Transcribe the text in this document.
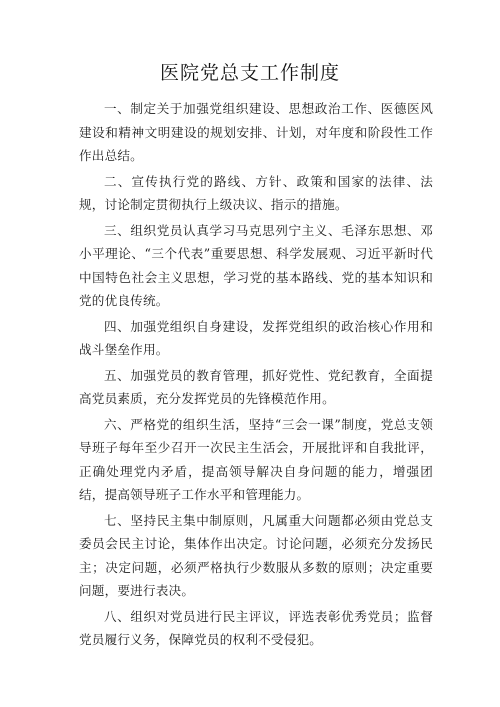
医院党总支工作制度

一、制定关于加强党组织建设、思想政治工作、医德医风建设和精神文明建设的规划安排、计划，对年度和阶段性工作作出总结。

二、宣传执行党的路线、方针、政策和国家的法律、法规，讨论制定贯彻执行上级决议、指示的措施。

三、组织党员认真学习马克思列宁主义、毛泽东思想、邓小平理论、“三个代表”重要思想、科学发展观、习近平新时代中国特色社会主义思想，学习党的基本路线、党的基本知识和党的优良传统。

四、加强党组织自身建设，发挥党组织的政治核心作用和战斗堡垒作用。

五、加强党员的教育管理，抓好党性、党纪教育，全面提高党员素质，充分发挥党员的先锋模范作用。

六、严格党的组织生活，坚持“三会一课”制度，党总支领导班子每年至少召开一次民主生活会，开展批评和自我批评，正确处理党内矛盾，提高领导解决自身问题的能力，增强团结，提高领导班子工作水平和管理能力。

七、坚持民主集中制原则，凡属重大问题都必须由党总支委员会民主讨论，集体作出决定。讨论问题，必须充分发扬民主；决定问题，必须严格执行少数服从多数的原则；决定重要问题，要进行表决。

八、组织对党员进行民主评议，评选表彰优秀党员；监督党员履行义务，保障党员的权利不受侵犯。
